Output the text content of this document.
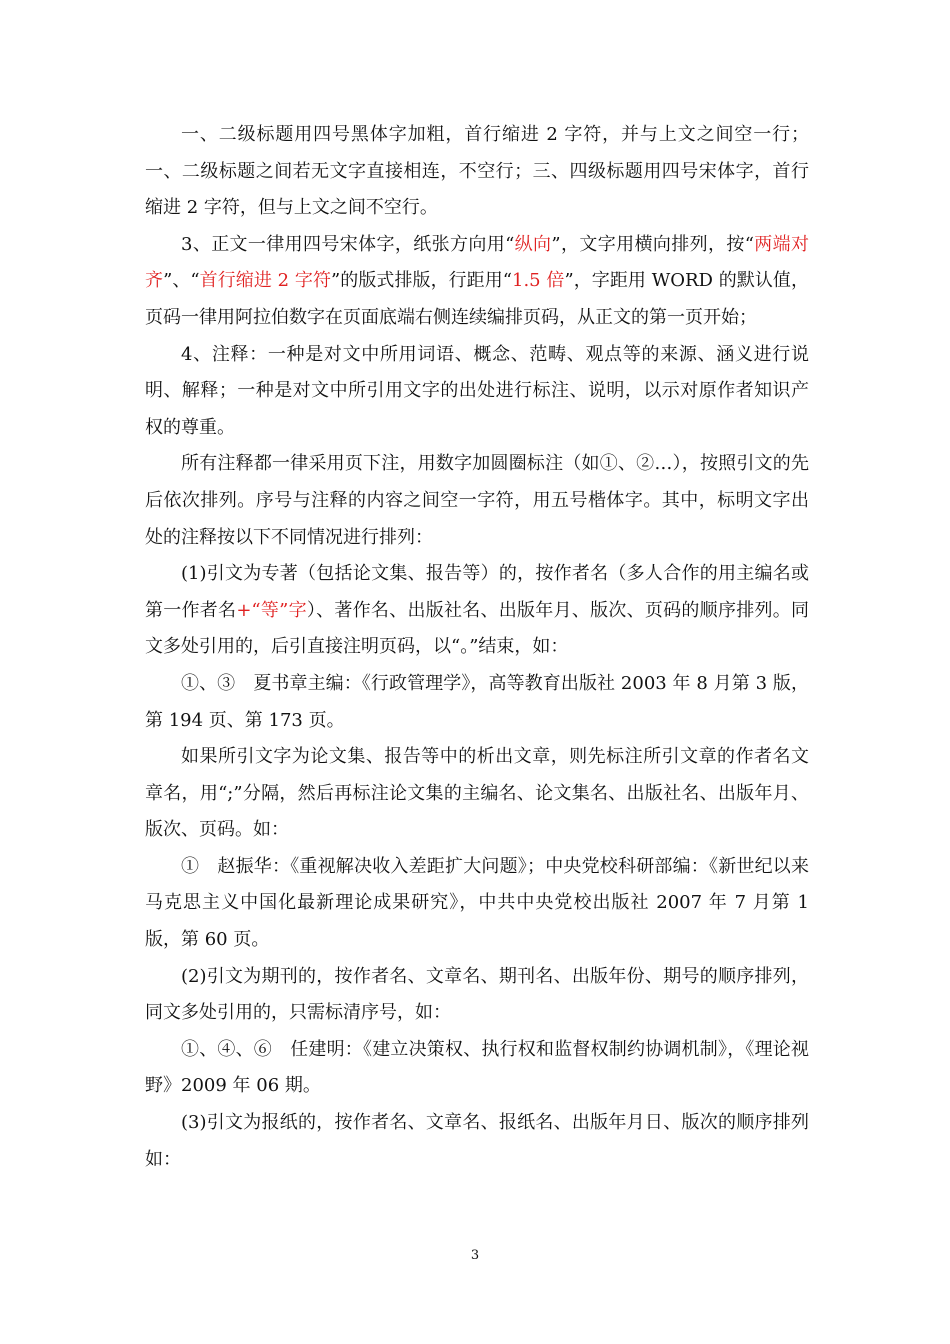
一、二级标题用四号黑体字加粗，首行缩进 2 字符，并与上文之间空一行；一、二级标题之间若无文字直接相连，不空行；三、四级标题用四号宋体字，首行缩进 2 字符，但与上文之间不空行。

3、正文一律用四号宋体字，纸张方向用“纵向”，文字用横向排列，按“两端对齐”、“首行缩进 2 字符”的版式排版，行距用“1.5 倍”，字距用 WORD 的默认值，页码一律用阿拉伯数字在页面底端右侧连续编排页码，从正文的第一页开始；

4、注释：一种是对文中所用词语、概念、范畴、观点等的来源、涵义进行说明、解释；一种是对文中所引用文字的出处进行标注、说明，以示对原作者知识产权的尊重。

所有注释都一律采用页下注，用数字加圆圈标注（如①、②…），按照引文的先后依次排列。序号与注释的内容之间空一字符，用五号楷体字。其中，标明文字出处的注释按以下不同情况进行排列：

(1)引文为专著（包括论文集、报告等）的，按作者名（多人合作的用主编名或第一作者名+“等”字）、著作名、出版社名、出版年月、版次、页码的顺序排列。同文多处引用的，后引直接注明页码，以“。”结束，如：

①、③　夏书章主编：《行政管理学》，高等教育出版社 2003 年 8 月第 3 版，第 194 页、第 173 页。

如果所引文字为论文集、报告等中的析出文章，则先标注所引文章的作者名文章名，用“;”分隔，然后再标注论文集的主编名、论文集名、出版社名、出版年月、版次、页码。如：

①　赵振华：《重视解决收入差距扩大问题》；中央党校科研部编：《新世纪以来马克思主义中国化最新理论成果研究》，中共中央党校出版社 2007 年 7 月第 1 版，第 60 页。

(2)引文为期刊的，按作者名、文章名、期刊名、出版年份、期号的顺序排列，同文多处引用的，只需标清序号，如：

①、④、⑥　任建明：《建立决策权、执行权和监督权制约协调机制》，《理论视野》2009 年 06 期。

(3)引文为报纸的，按作者名、文章名、报纸名、出版年月日、版次的顺序排列如：

3
